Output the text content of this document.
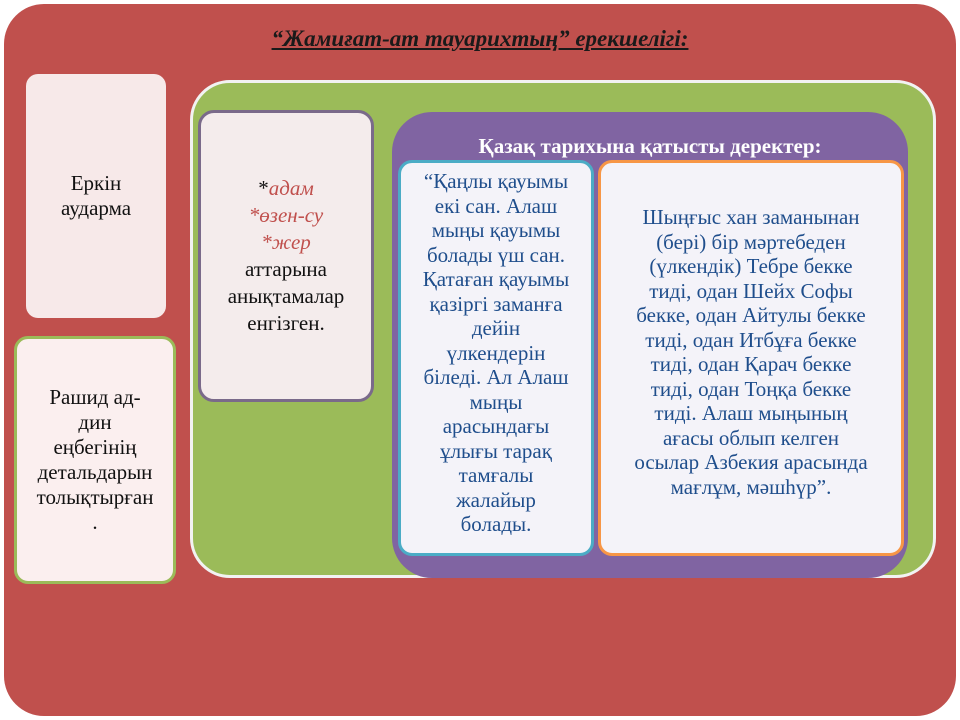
“Жамиғат-ат тауарихтың” ерекшелігі:
Еркін
аударма
Рашид ад-
дин
еңбегінің
детальдарын
толықтырған
.
*адам
*өзен-су
*жер
аттарына
анықтамалар
енгізген.
Қазақ тарихына қатысты деректер:
“Қаңлы қауымы
екі сан. Алаш
мыңы қауымы
болады үш сан.
Қатаған қауымы
қазіргі заманға
дейін
үлкендерін
біледі. Ал Алаш
мыңы
арасындағы
ұлығы тарақ
тамғалы
жалайыр
болады.
Шыңғыс хан заманынан
(бері) бір мәртебеден
(үлкендік) Тебре бекке
тиді, одан Шейх Софы
бекке, одан Айтулы бекке
тиді, одан Итбұға бекке
тиді, одан Қарач бекке
тиді, одан Тоңқа бекке
тиді. Алаш мыңының
ағасы облып келген
осылар Азбекия арасында
мағлұм, мәшһүр”.
